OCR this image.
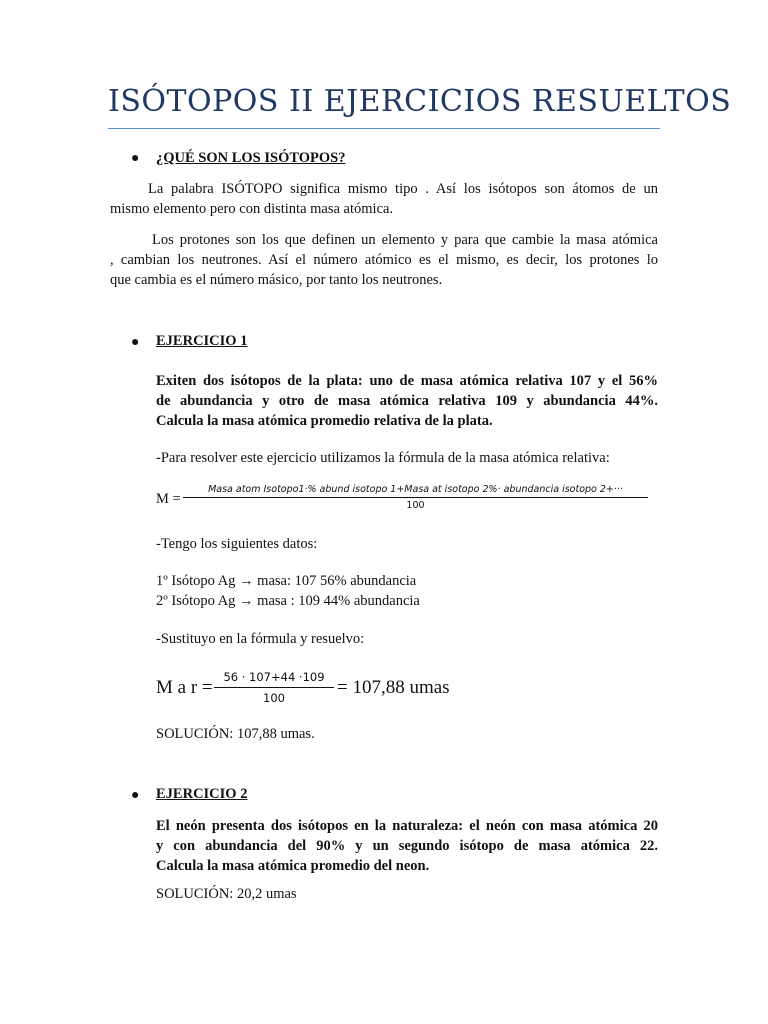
ISÓTOPOS II EJERCICIOS RESUELTOS
● ¿QUÉ SON LOS ISÓTOPOS?
La palabra ISÓTOPO significa mismo tipo . Así los isótopos son átomos de un
mismo elemento pero con distinta masa atómica.
Los protones son los que definen un elemento y para que cambie la masa atómica
, cambian los neutrones. Así el número atómico es el mismo, es decir, los protones lo
que cambia es el número másico, por tanto los neutrones.
● EJERCICIO 1
Exiten dos isótopos de la plata: uno de masa atómica relativa 107 y el 56%
de abundancia y otro de masa atómica relativa 109 y abundancia 44%.
Calcula la masa atómica promedio relativa de la plata.
-Para resolver este ejercicio utilizamos la fórmula de la masa atómica relativa:
M =
Masa atom Isotopo1·% abund isotopo 1+Masa at isotopo 2%· abundancia isotopo 2+···
100
-Tengo los siguientes datos:
1º Isótopo Ag → masa: 107 56% abundancia
2º Isótopo Ag → masa : 109 44% abundancia
-Sustituyo en la fórmula y resuelvo:
M a r = 56 · 107+44 ·109
100	= 107,88 umas
SOLUCIÓN: 107,88 umas.
● EJERCICIO 2
El neón presenta dos isótopos en la naturaleza: el neón con masa atómica 20
y con abundancia del 90% y un segundo isótopo de masa atómica 22.
Calcula la masa atómica promedio del neon.
SOLUCIÓN: 20,2 umas
